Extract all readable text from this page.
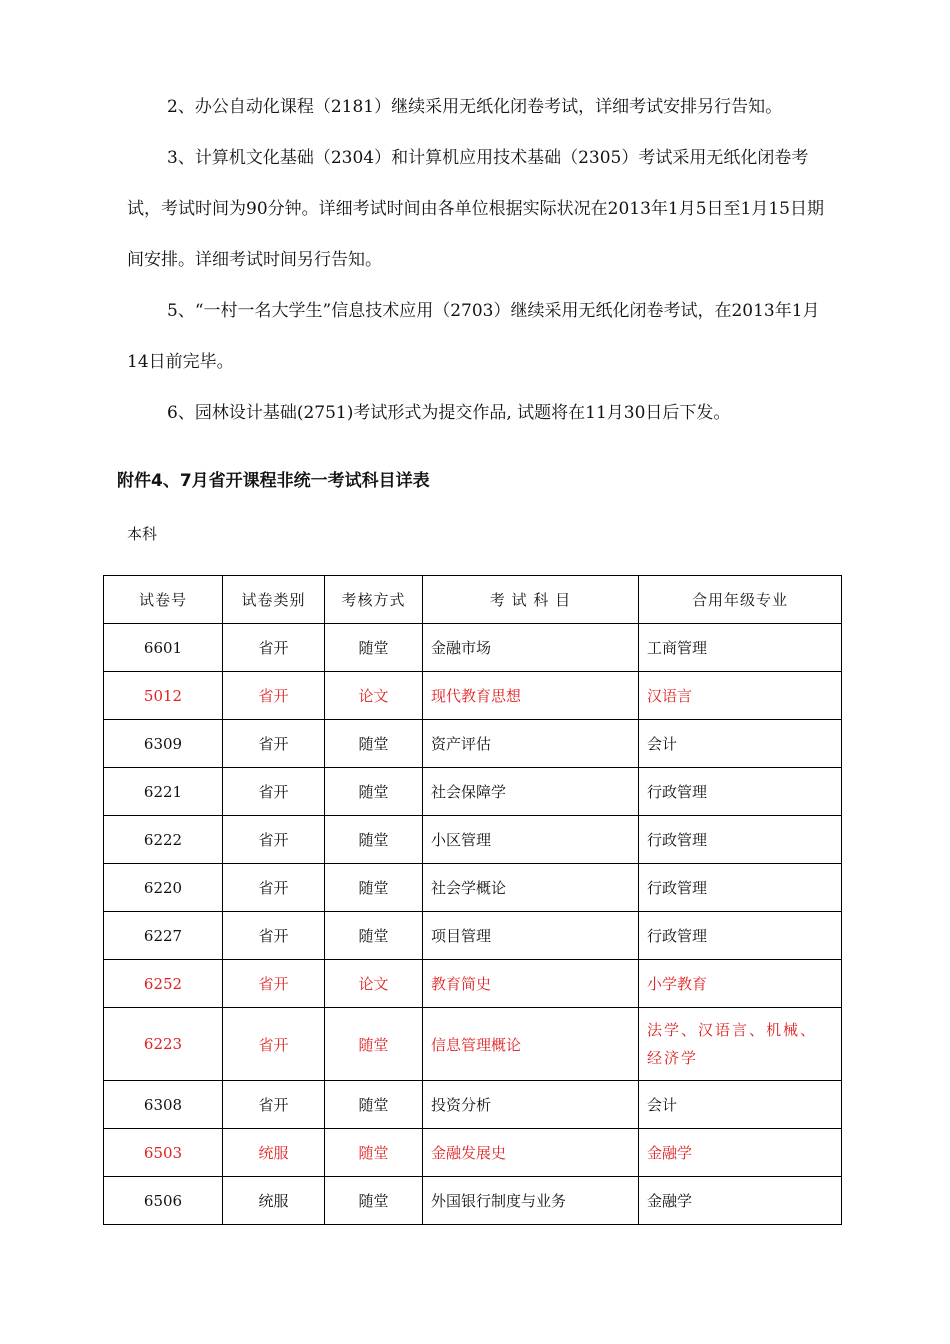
2、办公自动化课程（2181）继续采用无纸化闭卷考试，详细考试安排另行告知。

3、计算机文化基础（2304）和计算机应用技术基础（2305）考试采用无纸化闭卷考试，考试时间为90分钟。详细考试时间由各单位根据实际状况在2013年1月5日至1月15日期间安排。详细考试时间另行告知。

5、“一村一名大学生”信息技术应用（2703）继续采用无纸化闭卷考试，在2013年1月14日前完毕。

6、园林设计基础(2751)考试形式为提交作品, 试题将在11月30日后下发。

附件4、7月省开课程非统一考试科目详表

本科

试卷号	试卷类别	考核方式	考 试 科 目	合用年级专业
6601	省开	随堂	金融市场	工商管理
5012	省开	论文	现代教育思想	汉语言
6309	省开	随堂	资产评估	会计
6221	省开	随堂	社会保障学	行政管理
6222	省开	随堂	小区管理	行政管理
6220	省开	随堂	社会学概论	行政管理
6227	省开	随堂	项目管理	行政管理
6252	省开	论文	教育简史	小学教育
6223	省开	随堂	信息管理概论	法学、汉语言、机械、经济学
6308	省开	随堂	投资分析	会计
6503	统服	随堂	金融发展史	金融学
6506	统服	随堂	外国银行制度与业务	金融学
